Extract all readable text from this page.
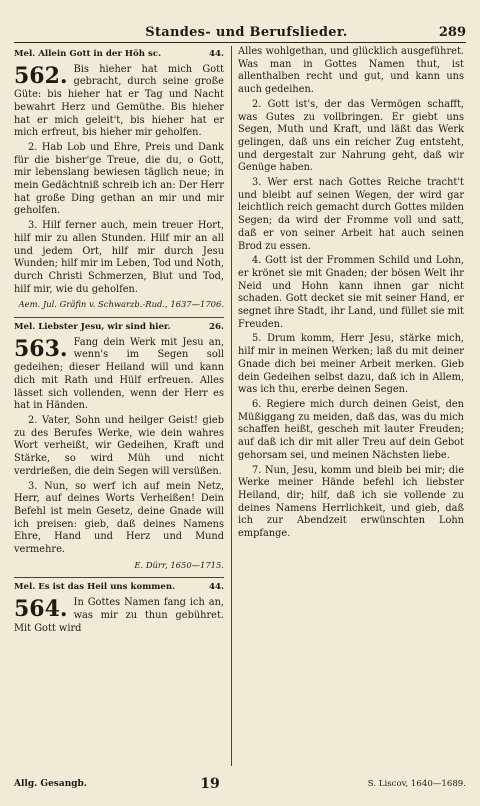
Standes- und Berufslieder.	289
Mel. Allein Gott in der Höh sc.	44.
562. Bis hieher hat mich Gott gebracht, durch seine große Güte: bis hieher hat er Tag und Nacht bewahrt Herz und Gemüthe. Bis hieher hat er mich geleit't, bis hieher hat er mich erfreut, bis hieher mir geholfen.

2. Hab Lob und Ehre, Preis und Dank für die bisher'ge Treue, die du, o Gott, mir lebenslang bewiesen täglich neue; in mein Gedächtniß schreib ich an: Der Herr hat große Ding gethan an mir und mir geholfen.

3. Hilf ferner auch, mein treuer Hort, hilf mir zu allen Stunden. Hilf mir an all und jedem Ort, hilf mir durch Jesu Wunden; hilf mir im Leben, Tod und Noth, durch Christi Schmerzen, Blut und Tod, hilf mir, wie du geholfen.

Aem. Jul. Gräfin v. Schwarzb.-Rud., 1637—1706.
Mel. Liebster Jesu, wir sind hier.	26.
563. Fang dein Werk mit Jesu an, wenn's im Segen soll gedeihen; dieser Heiland will und kann dich mit Rath und Hülf erfreuen. Alles lässet sich vollenden, wenn der Herr es hat in Händen.

2. Vater, Sohn und heilger Geist! gieb zu des Berufes Werke, wie dein wahres Wort verheißt, wir Gedeihen, Kraft und Stärke, so wird Müh und nicht verdrießen, die dein Segen will versüßen.

3. Nun, so werf ich auf mein Netz, Herr, auf deines Worts Verheißen! Dein Befehl ist mein Gesetz, deine Gnade will ich preisen: gieb, daß deines Namens Ehre, Hand und Herz und Mund vermehre.

E. Dürr, 1650—1715.
Mel. Es ist das Heil uns kommen.	44.
564. In Gottes Namen fang ich an, was mir zu thun gebühret. Mit Gott wird

Alles wohlgethan, und glücklich ausgeführet. Was man in Gottes Namen thut, ist allenthalben recht und gut, und kann uns auch gedeihen.

2. Gott ist's, der das Vermögen schafft, was Gutes zu vollbringen. Er giebt uns Segen, Muth und Kraft, und läßt das Werk gelingen, daß uns ein reicher Zug entsteht, und dergestalt zur Nahrung geht, daß wir Genüge haben.

3. Wer erst nach Gottes Reiche tracht't und bleibt auf seinen Wegen, der wird gar leichtlich reich gemacht durch Gottes milden Segen; da wird der Fromme voll und satt, daß er von seiner Arbeit hat auch seinen Brod zu essen.

4. Gott ist der Frommen Schild und Lohn, er krönet sie mit Gnaden; der bösen Welt ihr Neid und Hohn kann ihnen gar nicht schaden. Gott decket sie mit seiner Hand, er segnet ihre Stadt, ihr Land, und füllet sie mit Freuden.

5. Drum komm, Herr Jesu, stärke mich, hilf mir in meinen Werken; laß du mit deiner Gnade dich bei meiner Arbeit merken. Gieb dein Gedeihen selbst dazu, daß ich in Allem, was ich thu, ererbe deinen Segen.

6. Regiere mich durch deinen Geist, den Müßiggang zu meiden, daß das, was du mich schaffen heißt, gescheh mit lauter Freuden; auf daß ich dir mit aller Treu auf dein Gebot gehorsam sei, und meinen Nächsten liebe.

7. Nun, Jesu, komm und bleib bei mir; die Werke meiner Hände befehl ich liebster Heiland, dir; hilf, daß ich sie vollende zu deines Namens Herrlichkeit, und gieb, daß ich zur Abendzeit erwünschten Lohn empfange.

Allg. Gesangb.	19	S. Liscov, 1640—1689.
